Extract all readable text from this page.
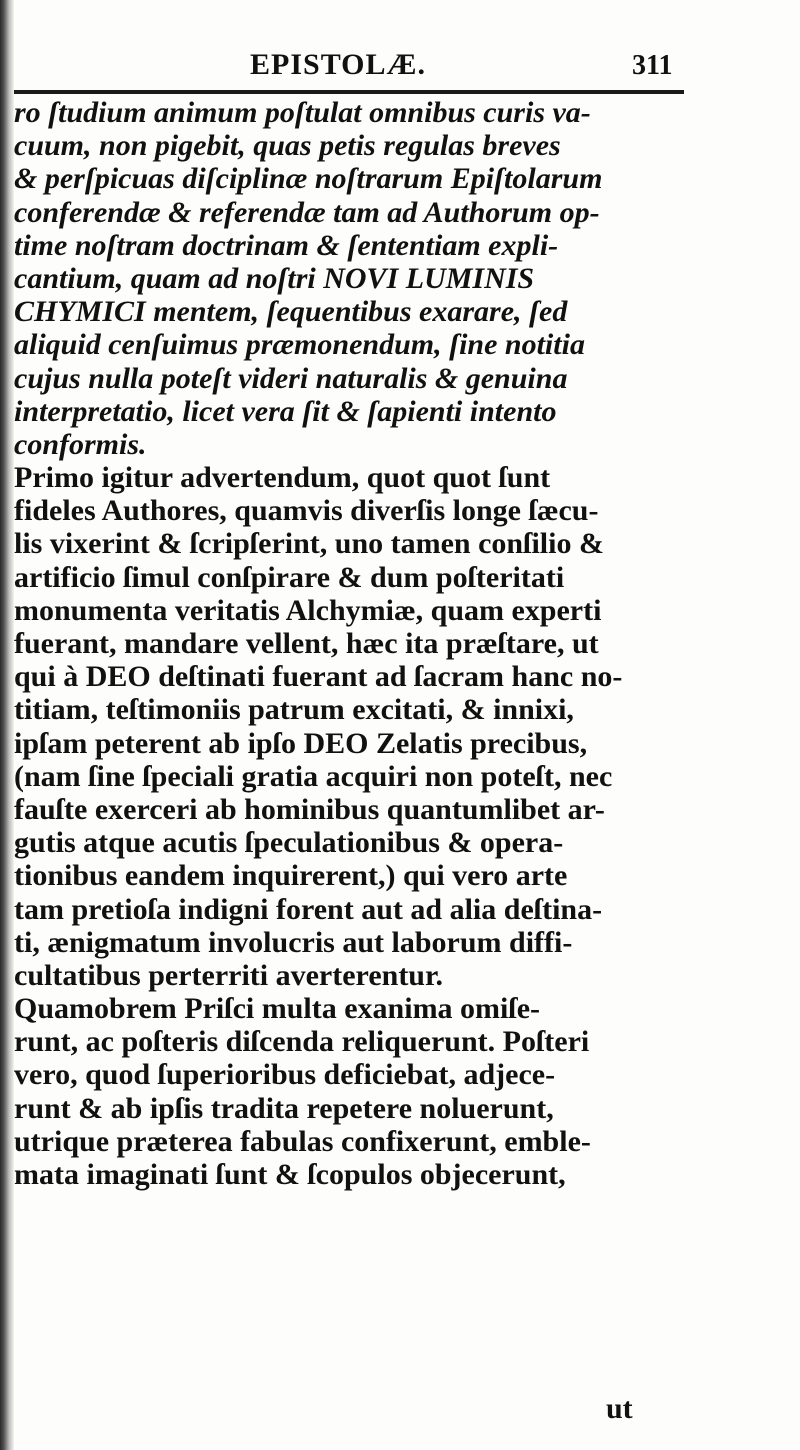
EPISTOLÆ.	311
ro ſtudium animum poſtulat omnibus curis va-
cuum, non pigebit, quas petis regulas breves
& perſpicuas diſciplinæ noſtrarum Epiſtolarum
conferendæ & referendæ tam ad Authorum op-
time noſtram doctrinam & ſententiam expli-
cantium, quam ad noſtri NOVI LUMINIS
CHYMICI mentem, ſequentibus exarare, ſed
aliquid cenſuimus præmonendum, ſine notitia
cujus nulla poteſt videri naturalis & genuina
interpretatio, licet vera ſit & ſapienti intento
conformis.
Primo igitur advertendum, quot quot ſunt
fideles Authores, quamvis diverſis longe ſæcu-
lis vixerint & ſcripſerint, uno tamen conſilio &
artificio ſimul conſpirare & dum poſteritati
monumenta veritatis Alchymiæ, quam experti
fuerant, mandare vellent, hæc ita præſtare, ut
qui à DEO deſtinati fuerant ad ſacram hanc no-
titiam, teſtimoniis patrum excitati, & innixi,
ipſam peterent ab ipſo DEO Zelatis precibus,
(nam ſine ſpeciali gratia acquiri non poteſt, nec
fauſte exerceri ab hominibus quantumlibet ar-
gutis atque acutis ſpeculationibus & opera-
tionibus eandem inquirerent,) qui vero arte
tam pretioſa indigni forent aut ad alia deſtina-
ti, ænigmatum involucris aut laborum diffi-
cultatibus perterriti averterentur.
Quamobrem Priſci multa exanima omiſe-
runt, ac poſteris diſcenda reliquerunt. Poſteri
vero, quod ſuperioribus deficiebat, adjece-
runt & ab ipſis tradita repetere noluerunt,
utrique præterea fabulas confixerunt, emble-
mata imaginati ſunt & ſcopulos objecerunt,
ut
